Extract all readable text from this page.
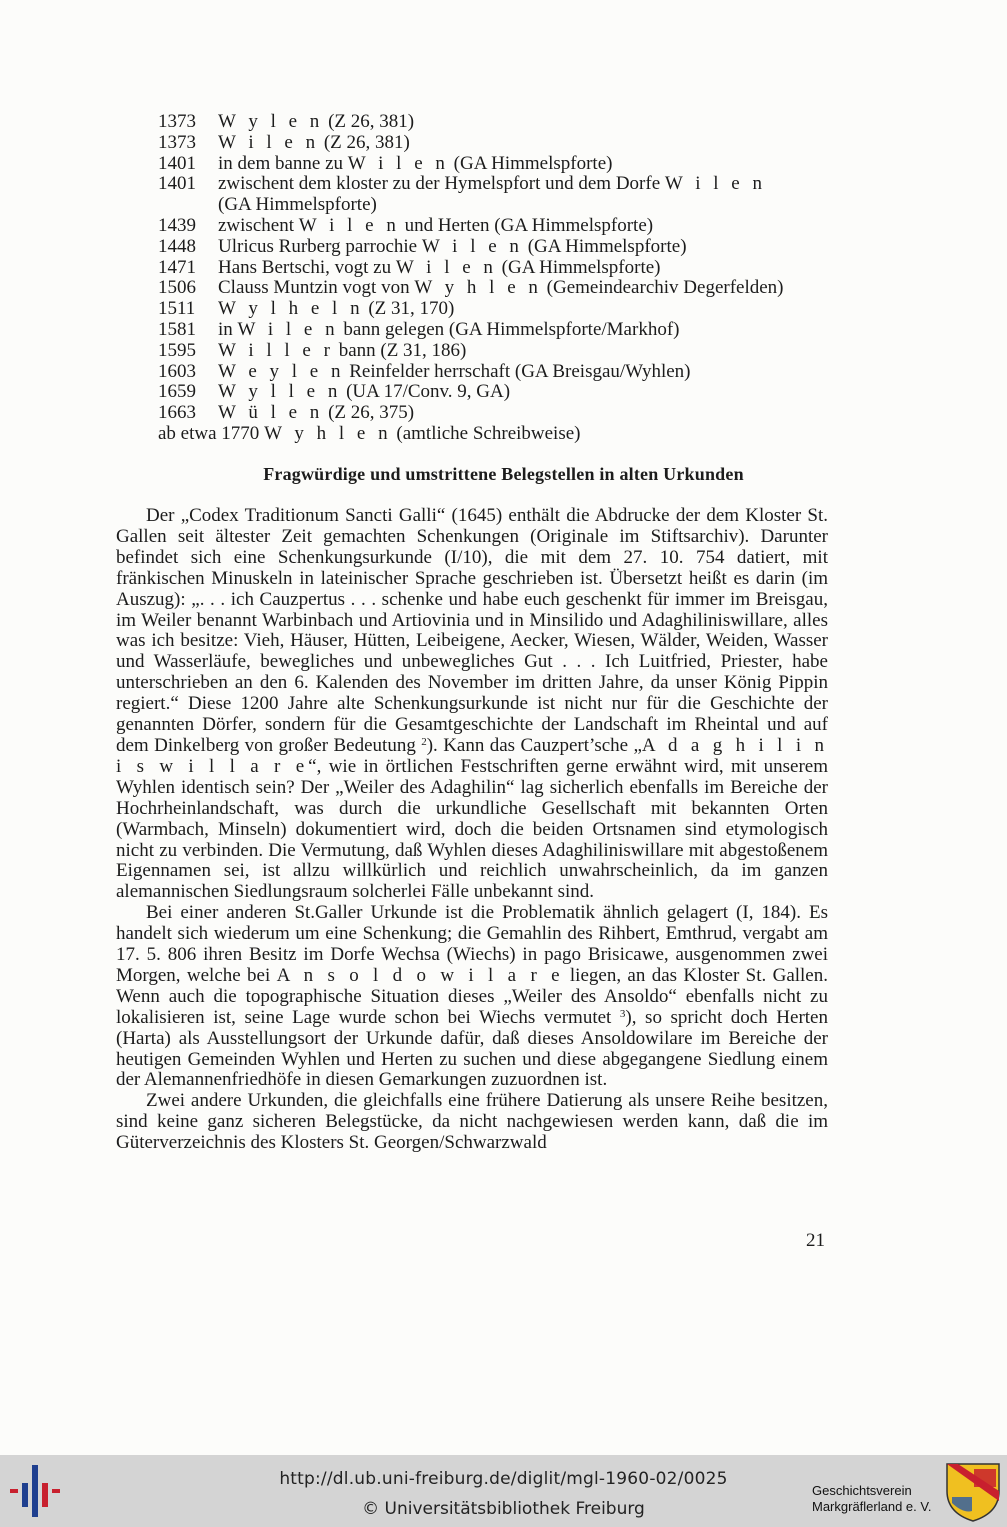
1373	W y l e n (Z 26, 381)
1373	W i l e n (Z 26, 381)
1401	in dem banne zu W i l e n (GA Himmelspforte)
1401	zwischent dem kloster zu der Hymelspfort und dem Dorfe W i l e n
(GA Himmelspforte)
1439	zwischent W i l e n und Herten (GA Himmelspforte)
1448	Ulricus Rurberg parrochie W i l e n (GA Himmelspforte)
1471	Hans Bertschi, vogt zu W i l e n (GA Himmelspforte)
1506	Clauss Muntzin vogt von W y h l e n (Gemeindearchiv Degerfelden)
1511	W y l h e l n (Z 31, 170)
1581	in W i l e n bann gelegen (GA Himmelspforte/Markhof)
1595	W i l l e r bann (Z 31, 186)
1603	W e y l e n Reinfelder herrschaft (GA Breisgau/Wyhlen)
1659	W y l l e n (UA 17/Conv. 9, GA)
1663	W ü l e n (Z 26, 375)
ab etwa 1770 W y h l e n (amtliche Schreibweise)
Fragwürdige und umstrittene Belegstellen in alten Urkunden

Der „Codex Traditionum Sancti Galli“ (1645) enthält die Abdrucke der dem Kloster St. Gallen seit ältester Zeit gemachten Schenkungen (Originale im Stiftsarchiv). Darunter befindet sich eine Schenkungsurkunde (I/10), die mit dem 27. 10. 754 datiert, mit fränkischen Minuskeln in lateinischer Sprache geschrieben ist. Übersetzt heißt es darin (im Auszug): „. . . ich Cauzpertus . . . schenke und habe euch geschenkt für immer im Breisgau, im Weiler benannt Warbinbach und Artiovinia und in Minsilido und Adaghiliniswillare, alles was ich besitze: Vieh, Häuser, Hütten, Leibeigene, Aecker, Wiesen, Wälder, Weiden, Wasser und Wasserläufe, bewegliches und unbewegliches Gut . . . Ich Luitfried, Priester, habe unterschrieben an den 6. Kalenden des November im dritten Jahre, da unser König Pippin regiert.“ Diese 1200 Jahre alte Schenkungsurkunde ist nicht nur für die Geschichte der genannten Dörfer, sondern für die Gesamtgeschichte der Landschaft im Rheintal und auf dem Dinkelberg von großer Bedeutung $^2$). Kann das Cauzpert’sche „A d a g h i l i n i s w i l l a r e“, wie in örtlichen Festschriften gerne erwähnt wird, mit unserem Wyhlen identisch sein? Der „Weiler des Adaghilin“ lag sicherlich ebenfalls im Bereiche der Hochrheinlandschaft, was durch die urkundliche Gesellschaft mit bekannten Orten (Warmbach, Minseln) dokumentiert wird, doch die beiden Ortsnamen sind etymologisch nicht zu verbinden. Die Vermutung, daß Wyhlen dieses Adaghiliniswillare mit abgestoßenem Eigennamen sei, ist allzu willkürlich und reichlich unwahrscheinlich, da im ganzen alemannischen Siedlungsraum solcherlei Fälle unbekannt sind.

Bei einer anderen St.Galler Urkunde ist die Problematik ähnlich gelagert (I, 184). Es handelt sich wiederum um eine Schenkung; die Gemahlin des Rihbert, Emthrud, vergabt am 17. 5. 806 ihren Besitz im Dorfe Wechsa (Wiechs) in pago Brisicawe, ausgenommen zwei Morgen, welche bei A n s o l d o w i l a r e liegen, an das Kloster St. Gallen. Wenn auch die topographische Situation dieses „Weiler des Ansoldo“ ebenfalls nicht zu lokalisieren ist, seine Lage wurde schon bei Wiechs vermutet $^3$), so spricht doch Herten (Harta) als Ausstellungsort der Urkunde dafür, daß dieses Ansoldowilare im Bereiche der heutigen Gemeinden Wyhlen und Herten zu suchen und diese abgegangene Siedlung einem der Alemannenfriedhöfe in diesen Gemarkungen zuzuordnen ist.

Zwei andere Urkunden, die gleichfalls eine frühere Datierung als unsere Reihe besitzen, sind keine ganz sicheren Belegstücke, da nicht nachgewiesen werden kann, daß die im Güterverzeichnis des Klosters St. Georgen/Schwarzwald

21
http://dl.ub.uni-freiburg.de/diglit/mgl-1960-02/0025
© Universitätsbibliothek Freiburg
Geschichtsverein
Markgräflerland e. V.
